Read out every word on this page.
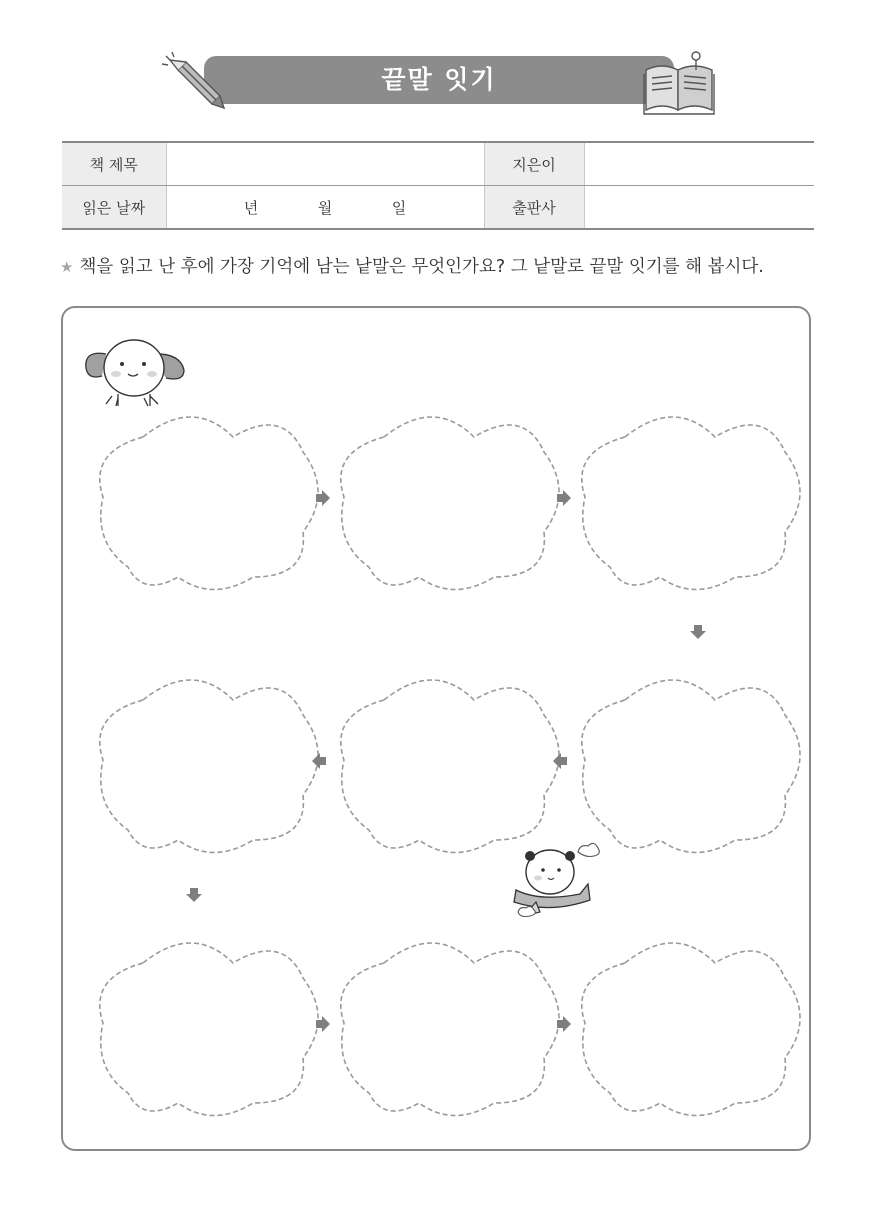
끝말 잇기
책 제목		지은이	
읽은 날짜	년 월 일	출판사	
★ 책을 읽고 난 후에 가장 기억에 남는 낱말은 무엇인가요? 그 낱말로 끝말 잇기를 해 봅시다.
